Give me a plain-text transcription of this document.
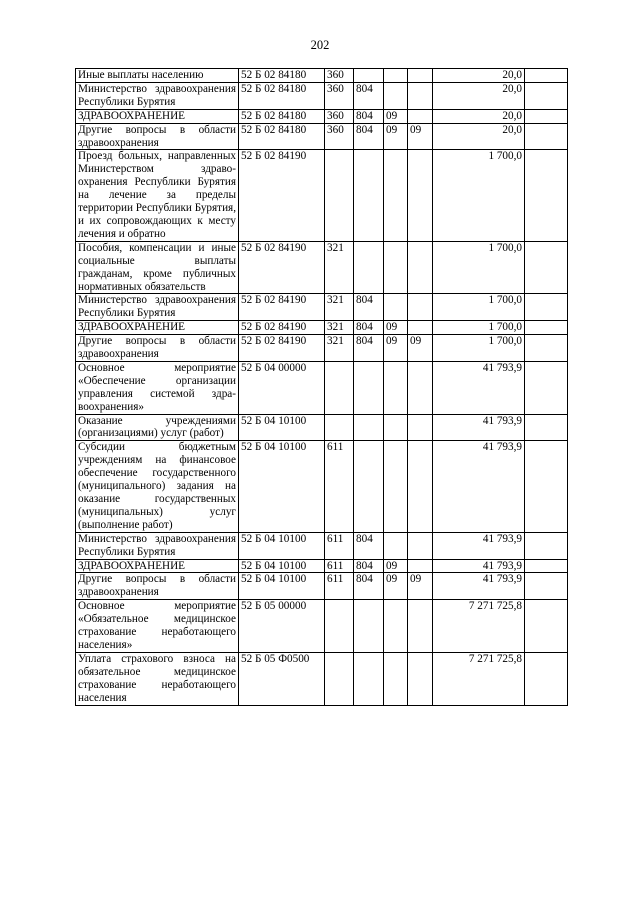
202
Иные выплаты населению	52 Б 02 84180	360				20,0	
Министерство здравоохранения Республики Бурятия	52 Б 02 84180	360	804			20,0	
ЗДРАВООХРАНЕНИЕ	52 Б 02 84180	360	804	09		20,0	
Другие вопросы в области здравоохранения	52 Б 02 84180	360	804	09	09	20,0	
Проезд больных, направленных Министерством здравоохранения Республики Бурятия на лечение за пределы территории Республики Бурятия, и их сопровождающих к месту лечения и обратно	52 Б 02 84190					1 700,0	
Пособия, компенсации и иные социальные выплаты гражданам, кроме публичных нормативных обязательств	52 Б 02 84190	321				1 700,0	
Министерство здравоохранения Республики Бурятия	52 Б 02 84190	321	804			1 700,0	
ЗДРАВООХРАНЕНИЕ	52 Б 02 84190	321	804	09		1 700,0	
Другие вопросы в области здравоохранения	52 Б 02 84190	321	804	09	09	1 700,0	
Основное мероприятие «Обеспечение организации управления системой здравоохранения»	52 Б 04 00000					41 793,9	
Оказание учреждениями (организациями) услуг (работ)	52 Б 04 10100					41 793,9	
Субсидии бюджетным учреждениям на финансовое обеспечение государственного (муниципального) задания на оказание государственных (муниципальных) услуг (выполнение работ)	52 Б 04 10100	611				41 793,9	
Министерство здравоохранения Республики Бурятия	52 Б 04 10100	611	804			41 793,9	
ЗДРАВООХРАНЕНИЕ	52 Б 04 10100	611	804	09		41 793,9	
Другие вопросы в области здравоохранения	52 Б 04 10100	611	804	09	09	41 793,9	
Основное мероприятие «Обязательное медицинское страхование неработающего населения»	52 Б 05 00000					7 271 725,8	
Уплата страхового взноса на обязательное медицинское страхование неработающего населения	52 Б 05 Ф0500					7 271 725,8	
